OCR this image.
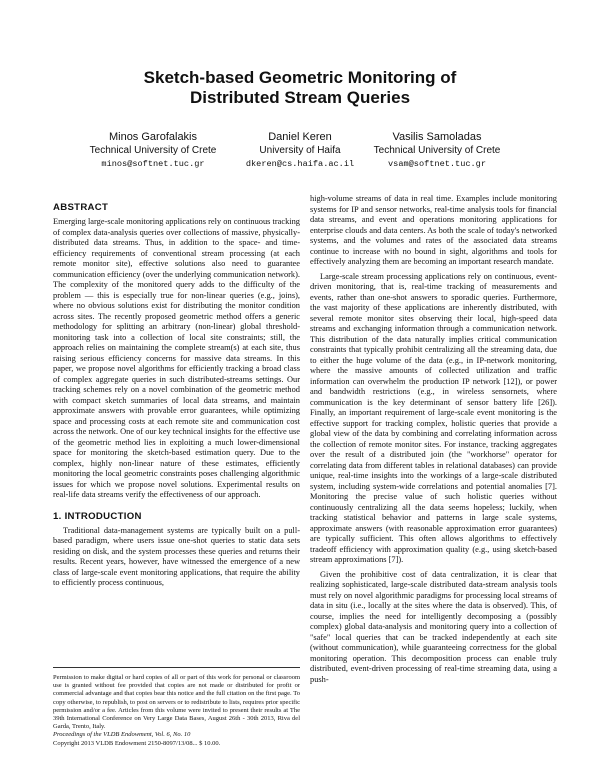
Sketch-based Geometric Monitoring of
Distributed Stream Queries
Minos Garofalakis
Technical University of Crete
minos@softnet.tuc.gr
Daniel Keren
University of Haifa
dkeren@cs.haifa.ac.il
Vasilis Samoladas
Technical University of Crete
vsam@softnet.tuc.gr
ABSTRACT

Emerging large-scale monitoring applications rely on continuous tracking of complex data-analysis queries over collections of massive, physically-distributed data streams. Thus, in addition to the space- and time-efficiency requirements of conventional stream processing (at each remote monitor site), effective solutions also need to guarantee communication efficiency (over the underlying communication network). The complexity of the monitored query adds to the difficulty of the problem — this is especially true for non-linear queries (e.g., joins), where no obvious solutions exist for distributing the monitor condition across sites. The recently proposed geometric method offers a generic methodology for splitting an arbitrary (non-linear) global threshold-monitoring task into a collection of local site constraints; still, the approach relies on maintaining the complete stream(s) at each site, thus raising serious efficiency concerns for massive data streams. In this paper, we propose novel algorithms for efficiently tracking a broad class of complex aggregate queries in such distributed-streams settings. Our tracking schemes rely on a novel combination of the geometric method with compact sketch summaries of local data streams, and maintain approximate answers with provable error guarantees, while optimizing space and processing costs at each remote site and communication cost across the network. One of our key technical insights for the effective use of the geometric method lies in exploiting a much lower-dimensional space for monitoring the sketch-based estimation query. Due to the complex, highly non-linear nature of these estimates, efficiently monitoring the local geometric constraints poses challenging algorithmic issues for which we propose novel solutions. Experimental results on real-life data streams verify the effectiveness of our approach.

1. INTRODUCTION

Traditional data-management systems are typically built on a pull-based paradigm, where users issue one-shot queries to static data sets residing on disk, and the system processes these queries and returns their results. Recent years, however, have witnessed the emergence of a new class of large-scale event monitoring applications, that require the ability to efficiently process continuous,

Permission to make digital or hard copies of all or part of this work for personal or classroom use is granted without fee provided that copies are not made or distributed for profit or commercial advantage and that copies bear this notice and the full citation on the first page. To copy otherwise, to republish, to post on servers or to redistribute to lists, requires prior specific permission and/or a fee. Articles from this volume were invited to present their results at The 39th International Conference on Very Large Data Bases, August 26th - 30th 2013, Riva del Garda, Trento, Italy.
Proceedings of the VLDB Endowment, Vol. 6, No. 10
Copyright 2013 VLDB Endowment 2150-8097/13/08... $ 10.00.

high-volume streams of data in real time. Examples include monitoring systems for IP and sensor networks, real-time analysis tools for financial data streams, and event and operations monitoring applications for enterprise clouds and data centers. As both the scale of today's networked systems, and the volumes and rates of the associated data streams continue to increase with no bound in sight, algorithms and tools for effectively analyzing them are becoming an important research mandate.

Large-scale stream processing applications rely on continuous, event-driven monitoring, that is, real-time tracking of measurements and events, rather than one-shot answers to sporadic queries. Furthermore, the vast majority of these applications are inherently distributed, with several remote monitor sites observing their local, high-speed data streams and exchanging information through a communication network. This distribution of the data naturally implies critical communication constraints that typically prohibit centralizing all the streaming data, due to either the huge volume of the data (e.g., in IP-network monitoring, where the massive amounts of collected utilization and traffic information can overwhelm the production IP network [12]), or power and bandwidth restrictions (e.g., in wireless sensornets, where communication is the key determinant of sensor battery life [26]). Finally, an important requirement of large-scale event monitoring is the effective support for tracking complex, holistic queries that provide a global view of the data by combining and correlating information across the collection of remote monitor sites. For instance, tracking aggregates over the result of a distributed join (the "workhorse" operator for correlating data from different tables in relational databases) can provide unique, real-time insights into the workings of a large-scale distributed system, including system-wide correlations and potential anomalies [7]. Monitoring the precise value of such holistic queries without continuously centralizing all the data seems hopeless; luckily, when tracking statistical behavior and patterns in large scale systems, approximate answers (with reasonable approximation error guarantees) are typically sufficient. This often allows algorithms to effectively tradeoff efficiency with approximation quality (e.g., using sketch-based stream approximations [7]).

Given the prohibitive cost of data centralization, it is clear that realizing sophisticated, large-scale distributed data-stream analysis tools must rely on novel algorithmic paradigms for processing local streams of data in situ (i.e., locally at the sites where the data is observed). This, of course, implies the need for intelligently decomposing a (possibly complex) global data-analysis and monitoring query into a collection of "safe" local queries that can be tracked independently at each site (without communication), while guaranteeing correctness for the global monitoring operation. This decomposition process can enable truly distributed, event-driven processing of real-time streaming data, using a push-
